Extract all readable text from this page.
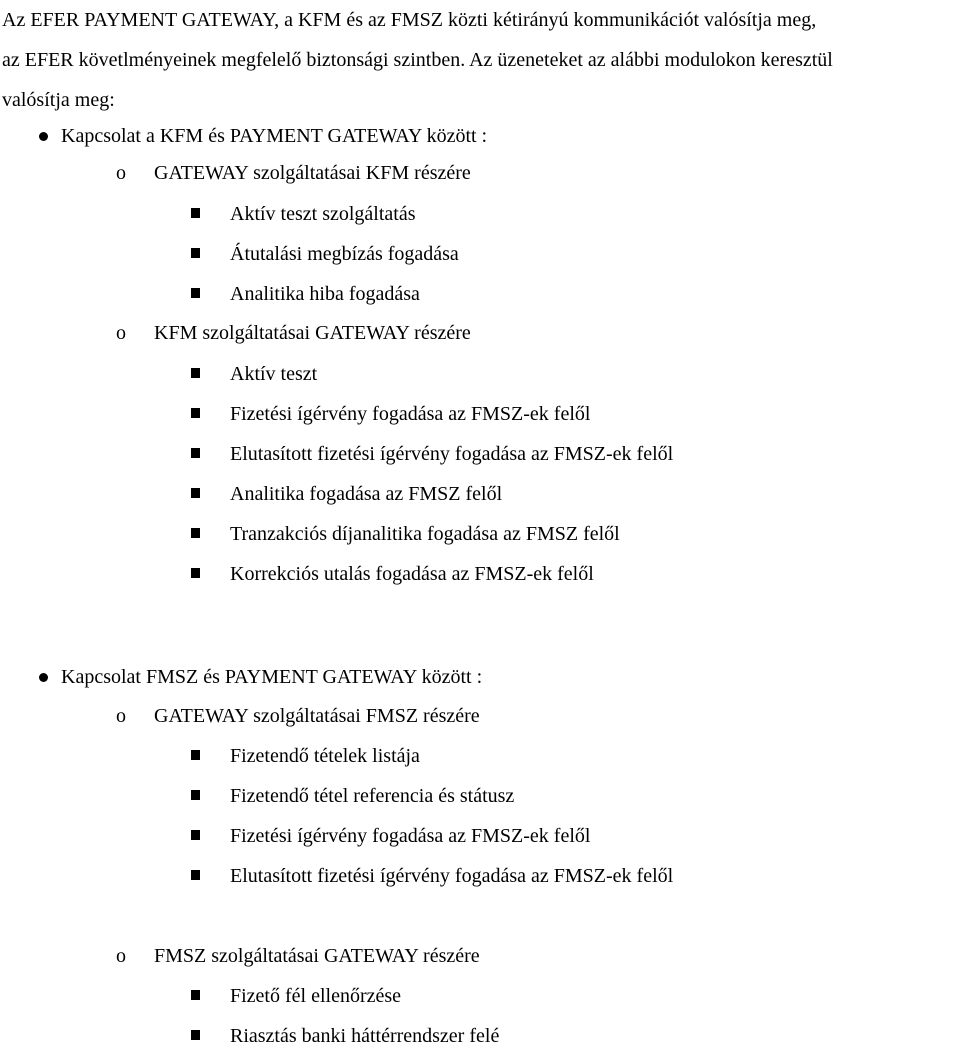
Az EFER PAYMENT GATEWAY, a KFM és az FMSZ közti kétirányú kommunikációt valósítja meg,
az EFER követlményeinek megfelelő biztonsági szintben. Az üzeneteket az alábbi modulokon keresztül
valósítja meg:
Kapcsolat a KFM és PAYMENT GATEWAY között :
o GATEWAY szolgáltatásai KFM részére
Aktív teszt szolgáltatás
Átutalási megbízás fogadása
Analitika hiba fogadása
o KFM szolgáltatásai GATEWAY részére
Aktív teszt
Fizetési ígérvény fogadása az FMSZ-ek felől
Elutasított fizetési ígérvény fogadása az FMSZ-ek felől
Analitika fogadása az FMSZ felől
Tranzakciós díjanalitika fogadása az FMSZ felől
Korrekciós utalás fogadása az FMSZ-ek felől
Kapcsolat FMSZ és PAYMENT GATEWAY között :
o GATEWAY szolgáltatásai FMSZ részére
Fizetendő tételek listája
Fizetendő tétel referencia és státusz
Fizetési ígérvény fogadása az FMSZ-ek felől
Elutasított fizetési ígérvény fogadása az FMSZ-ek felől
o FMSZ szolgáltatásai GATEWAY részére
Fizető fél ellenőrzése
Riasztás banki háttérrendszer felé
